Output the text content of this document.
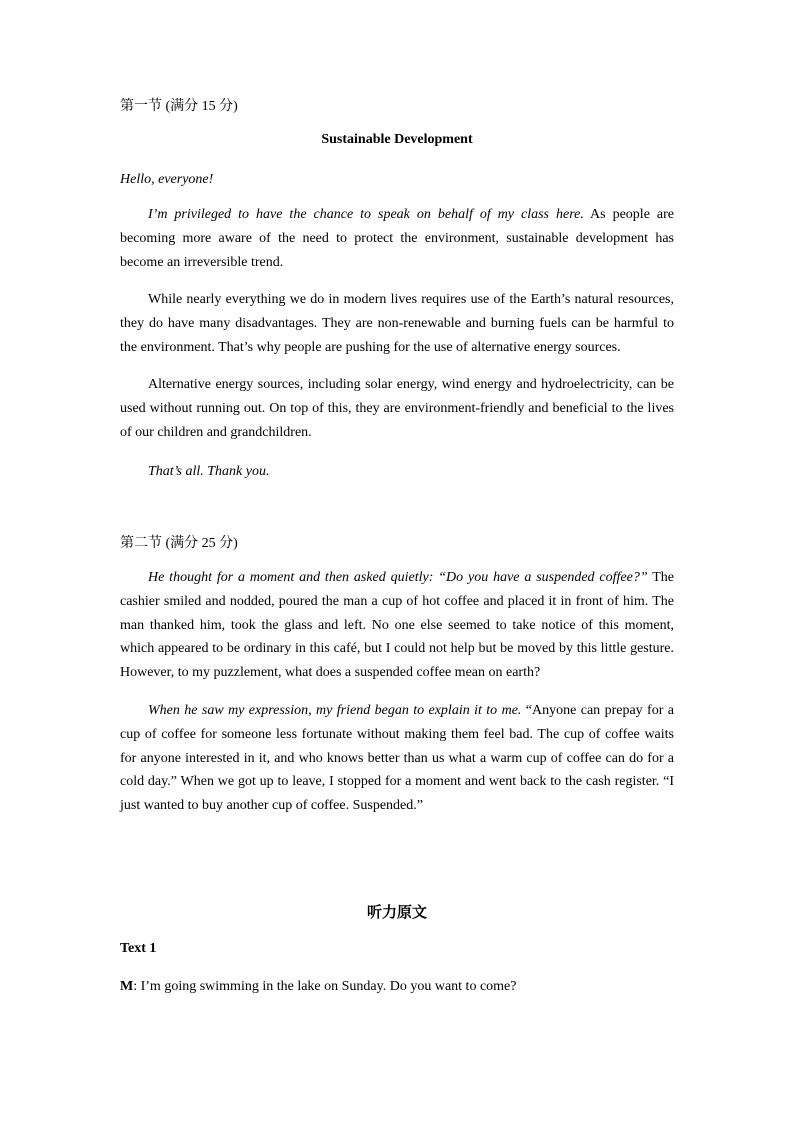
第一节 (满分 15 分)
Sustainable Development
Hello, everyone!
I’m privileged to have the chance to speak on behalf of my class here. As people are
becoming more aware of the need to protect the environment, sustainable development has
become an irreversible trend.
While nearly everything we do in modern lives requires use of the Earth’s natural resources,
they do have many disadvantages. They are non-renewable and burning fuels can be harmful to
the environment. That’s why people are pushing for the use of alternative energy sources.
Alternative energy sources, including solar energy, wind energy and hydroelectricity, can be
used without running out. On top of this, they are environment-friendly and beneficial to the lives
of our children and grandchildren.
That’s all. Thank you.
第二节 (满分 25 分)
He thought for a moment and then asked quietly: “Do you have a suspended coffee?” The
cashier smiled and nodded, poured the man a cup of hot coffee and placed it in front of him. The
man thanked him, took the glass and left. No one else seemed to take notice of this moment,
which appeared to be ordinary in this café, but I could not help but be moved by this little gesture.
However, to my puzzlement, what does a suspended coffee mean on earth?
When he saw my expression, my friend began to explain it to me. “Anyone can prepay for a
cup of coffee for someone less fortunate without making them feel bad. The cup of coffee waits
for anyone interested in it, and who knows better than us what a warm cup of coffee can do for a
cold day.” When we got up to leave, I stopped for a moment and went back to the cash register. “I
just wanted to buy another cup of coffee. Suspended.”
听力原文
Text 1
M: I’m going swimming in the lake on Sunday. Do you want to come?
